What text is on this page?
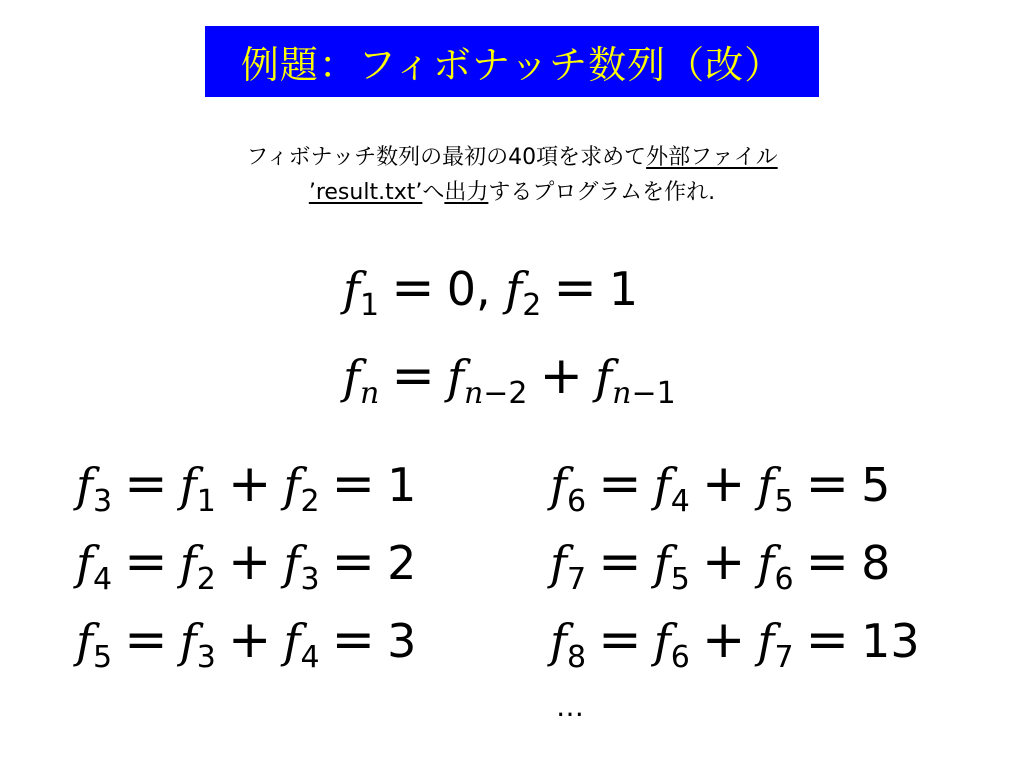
例題：フィボナッチ数列（改）
フィボナッチ数列の最初の40項を求めて外部ファイル
’result.txt’へ出力するプログラムを作れ.
$f_1 = 0$, $f_2 = 1$
$f_n = f_{n-2} + f_{n-1}$
$f_3 = f_1 + f_2 = 1$
$f_4 = f_2 + f_3 = 2$
$f_5 = f_3 + f_4 = 3$
$f_6 = f_4 + f_5 = 5$
$f_7 = f_5 + f_6 = 8$
$f_8 = f_6 + f_7 = 13$
…
